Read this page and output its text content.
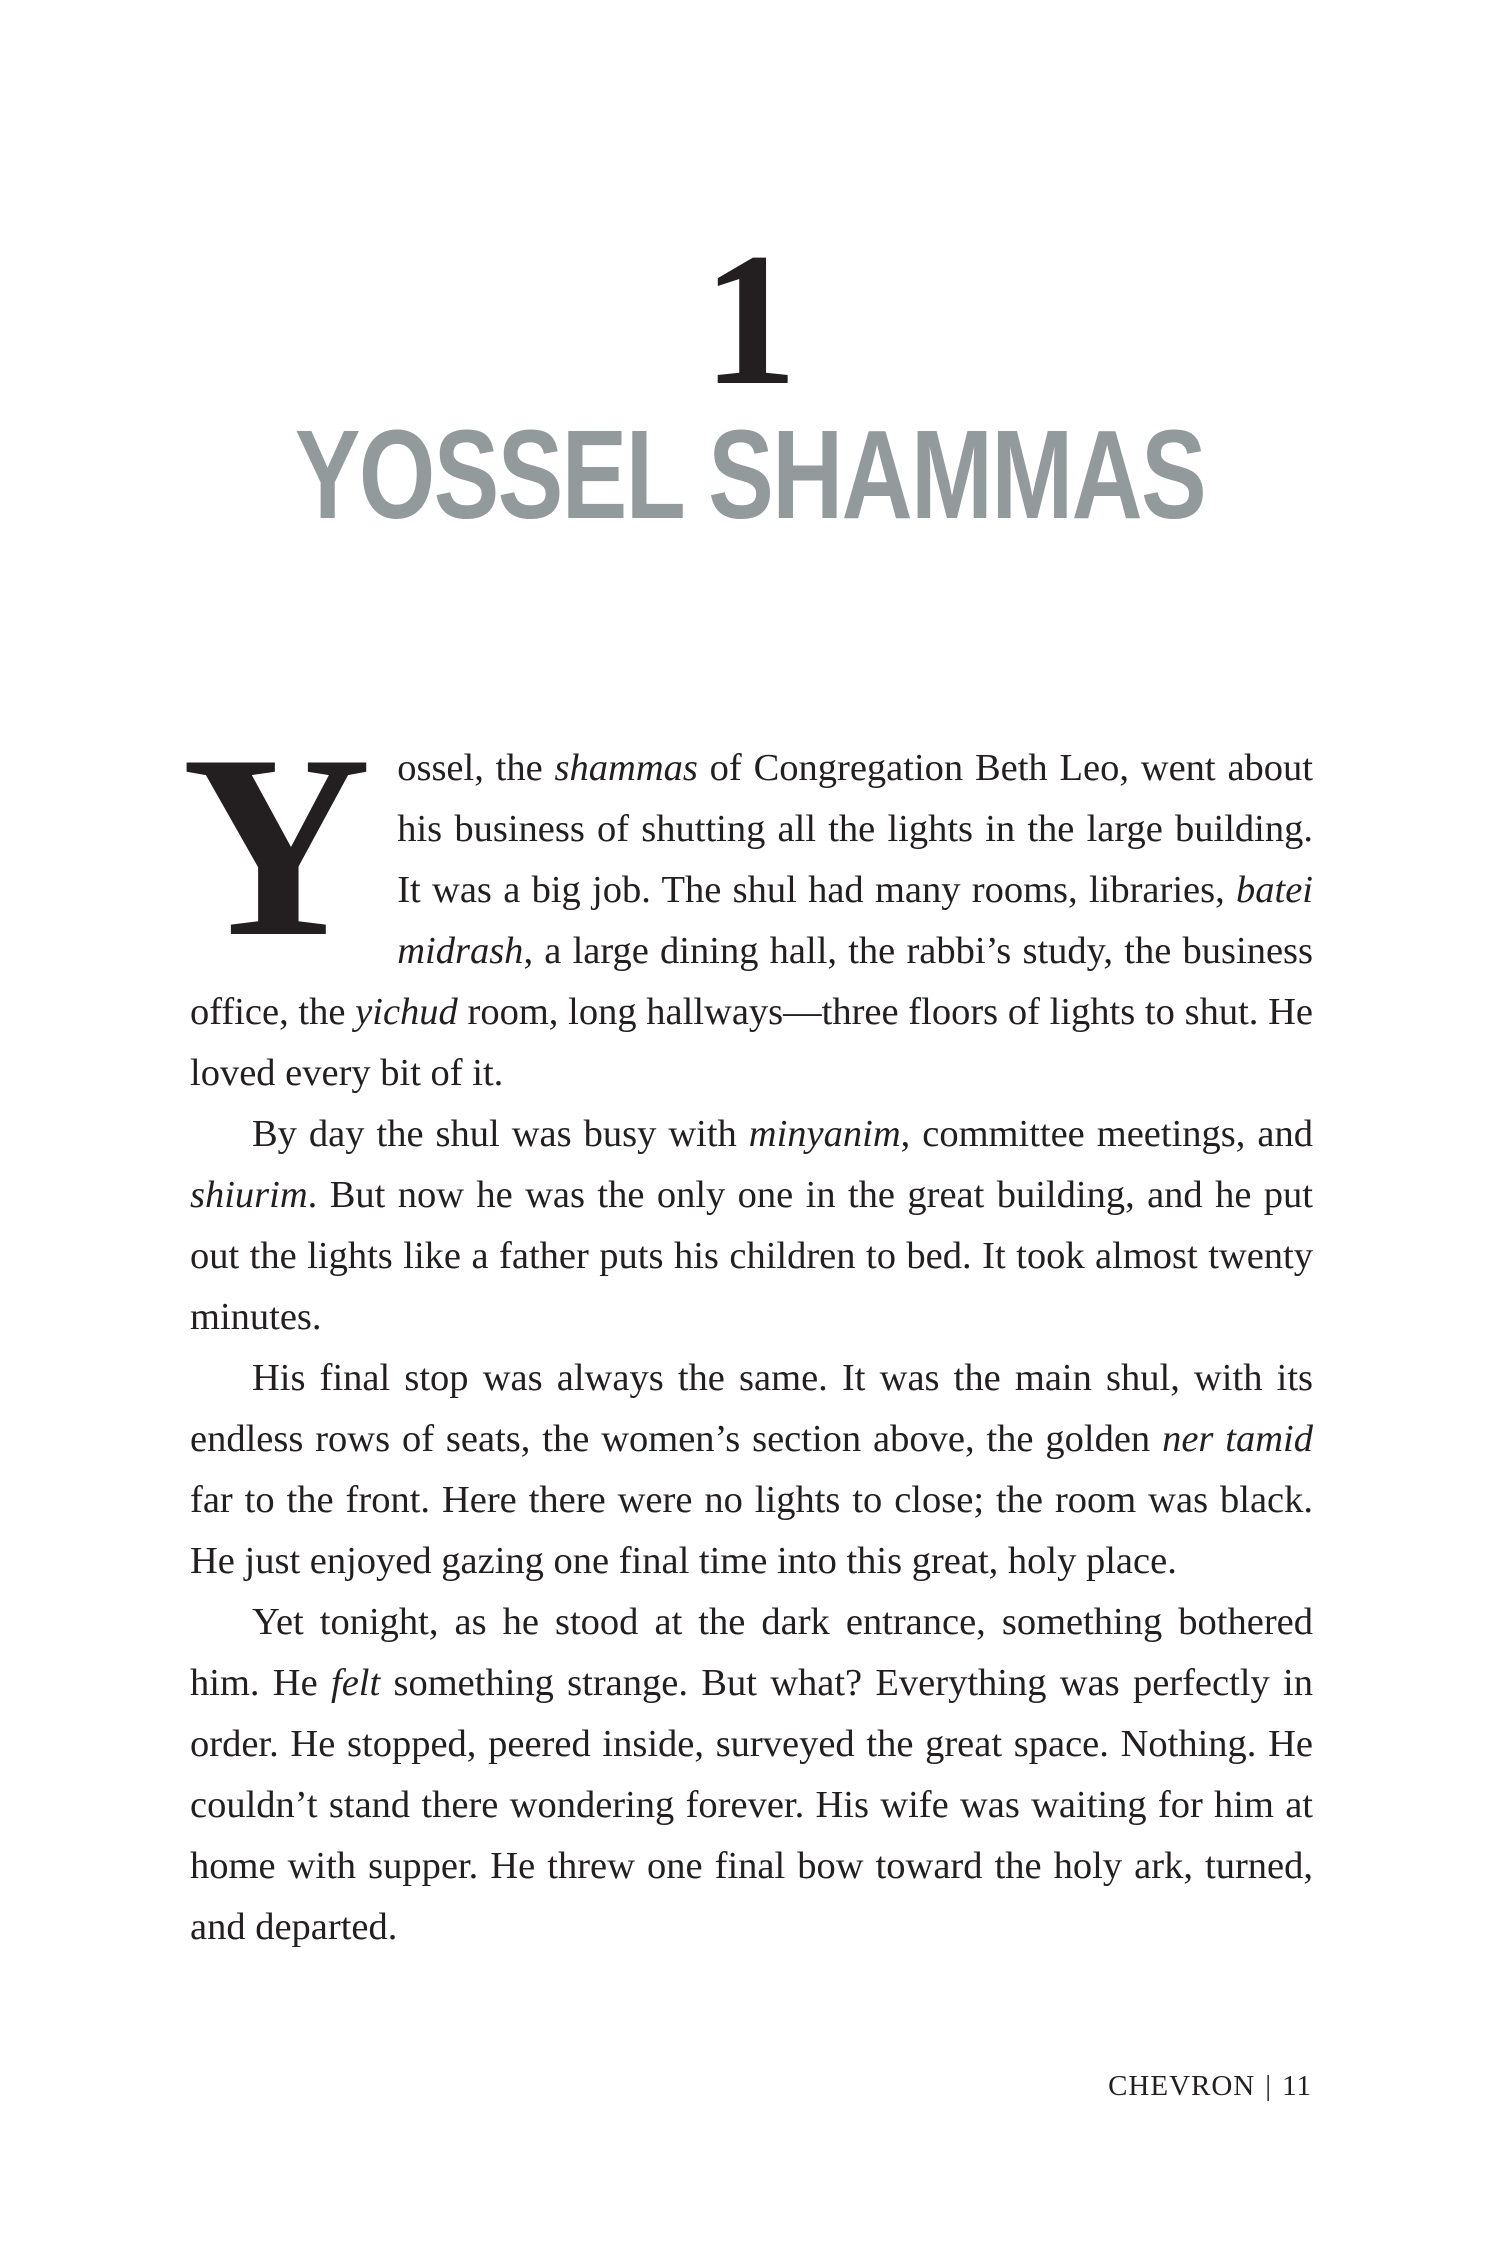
1
YOSSEL SHAMMAS

Yossel, the shammas of Congregation Beth Leo, went about his business of shutting all the lights in the large building. It was a big job. The shul had many rooms, libraries, batei midrash, a large dining hall, the rabbi’s study, the business office, the yichud room, long hallways—three floors of lights to shut. He loved every bit of it.

By day the shul was busy with minyanim, committee meetings, and shiurim. But now he was the only one in the great building, and he put out the lights like a father puts his children to bed. It took almost twenty minutes.

His final stop was always the same. It was the main shul, with its endless rows of seats, the women’s section above, the golden ner tamid far to the front. Here there were no lights to close; the room was black. He just enjoyed gazing one final time into this great, holy place.

Yet tonight, as he stood at the dark entrance, something bothered him. He felt something strange. But what? Everything was perfectly in order. He stopped, peered inside, surveyed the great space. Nothing. He couldn’t stand there wondering forever. His wife was waiting for him at home with supper. He threw one final bow toward the holy ark, turned, and departed.

CHEVRON | 11
